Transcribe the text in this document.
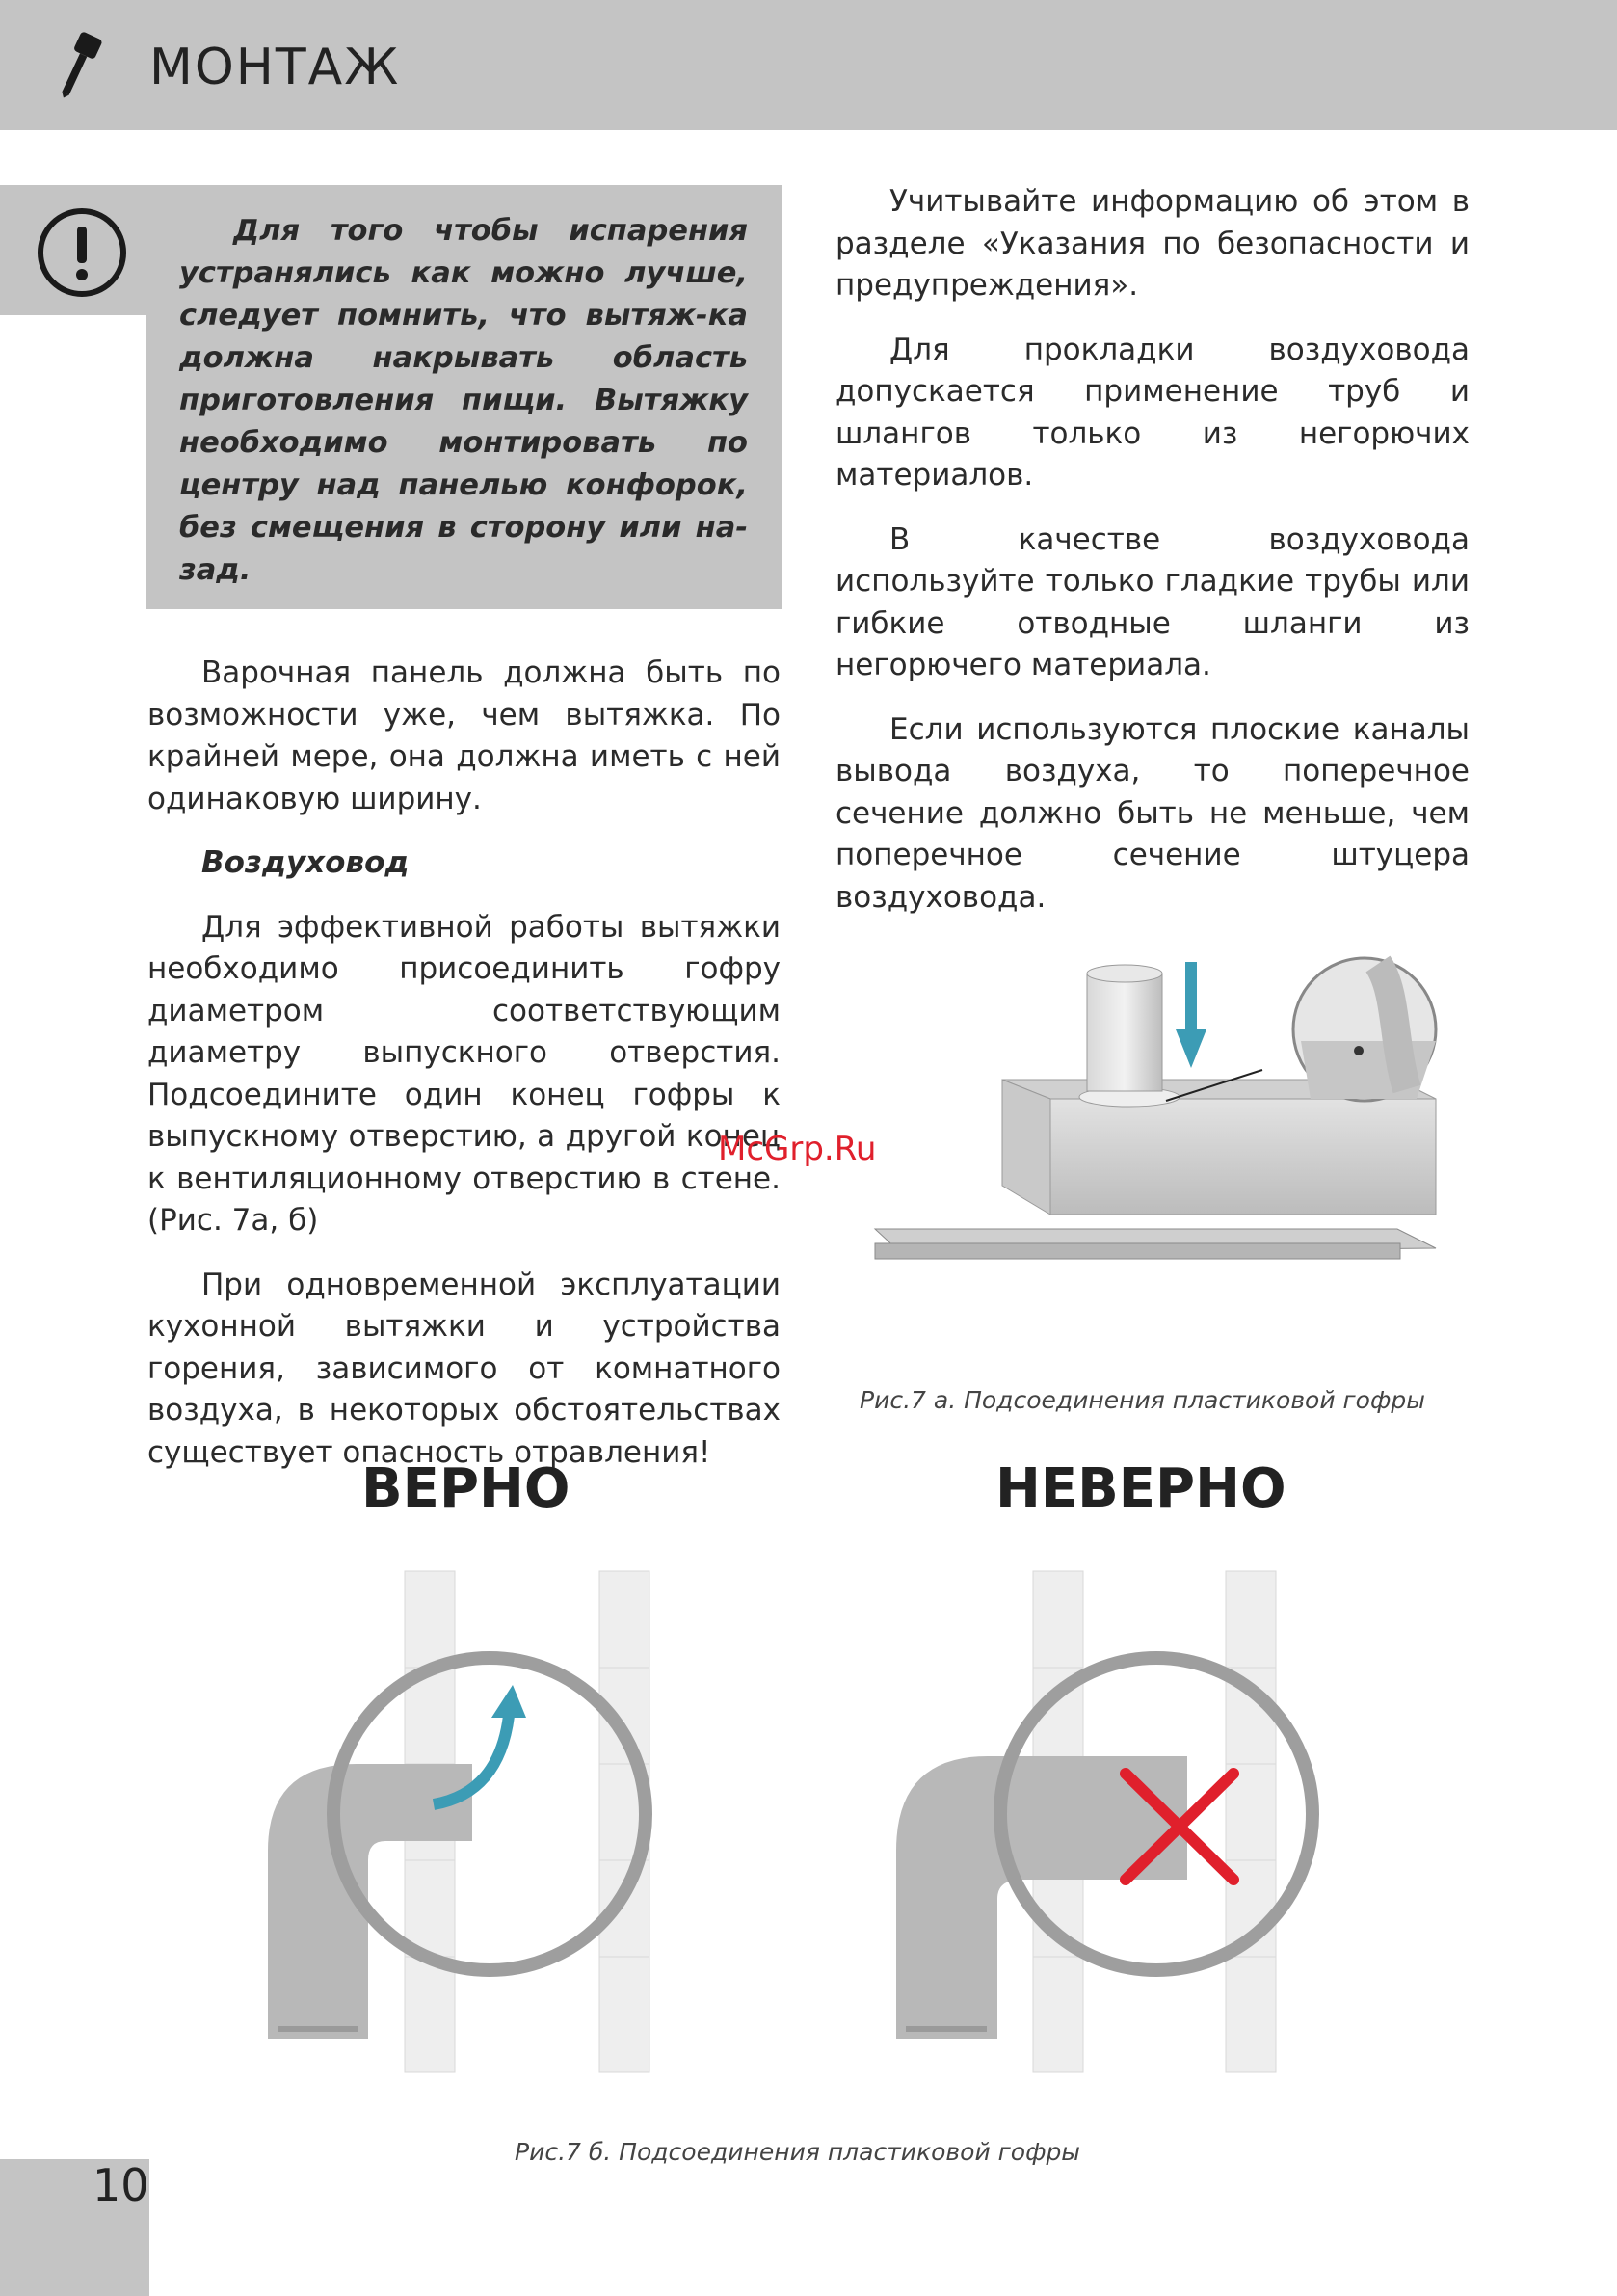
МОНТАЖ

Для того чтобы испарения устранялись как можно лучше, следует помнить, что вытяж-ка должна накрывать область приготовления пищи. Вытяжку необходимо монтировать по центру над панелью конфорок, без смещения в сторону или на-зад.

Варочная панель должна быть по возможности уже, чем вытяжка. По крайней мере, она должна иметь с ней одинаковую ширину.

Воздуховод

Для эффективной работы вытяжки необходимо присоединить гофру диаметром соответствующим диаметру выпускного отверстия. Подсоедините один конец гофры к выпускному отверстию, а другой конец к вентиляционному отверстию в стене. (Рис. 7а, б)

При одновременной эксплуатации кухонной вытяжки и устройства горения, зависимого от комнатного воздуха, в некоторых обстоятельствах существует опасность отравления!

Учитывайте информацию об этом в разделе «Указания по безопасности и предупреждения».

Для прокладки воздуховода допускается применение труб и шлангов только из негорючих материалов.

В качестве воздуховода используйте только гладкие трубы или гибкие отводные шланги из негорючего материала.

Если используются плоские каналы вывода воздуха, то поперечное сечение должно быть не меньше, чем поперечное сечение штуцера воздуховода.

McGrp.Ru
Рис.7 а. Подсоединения пластиковой гофры
ВЕРНО	НЕВЕРНО
Рис.7 б. Подсоединения пластиковой гофры
10
